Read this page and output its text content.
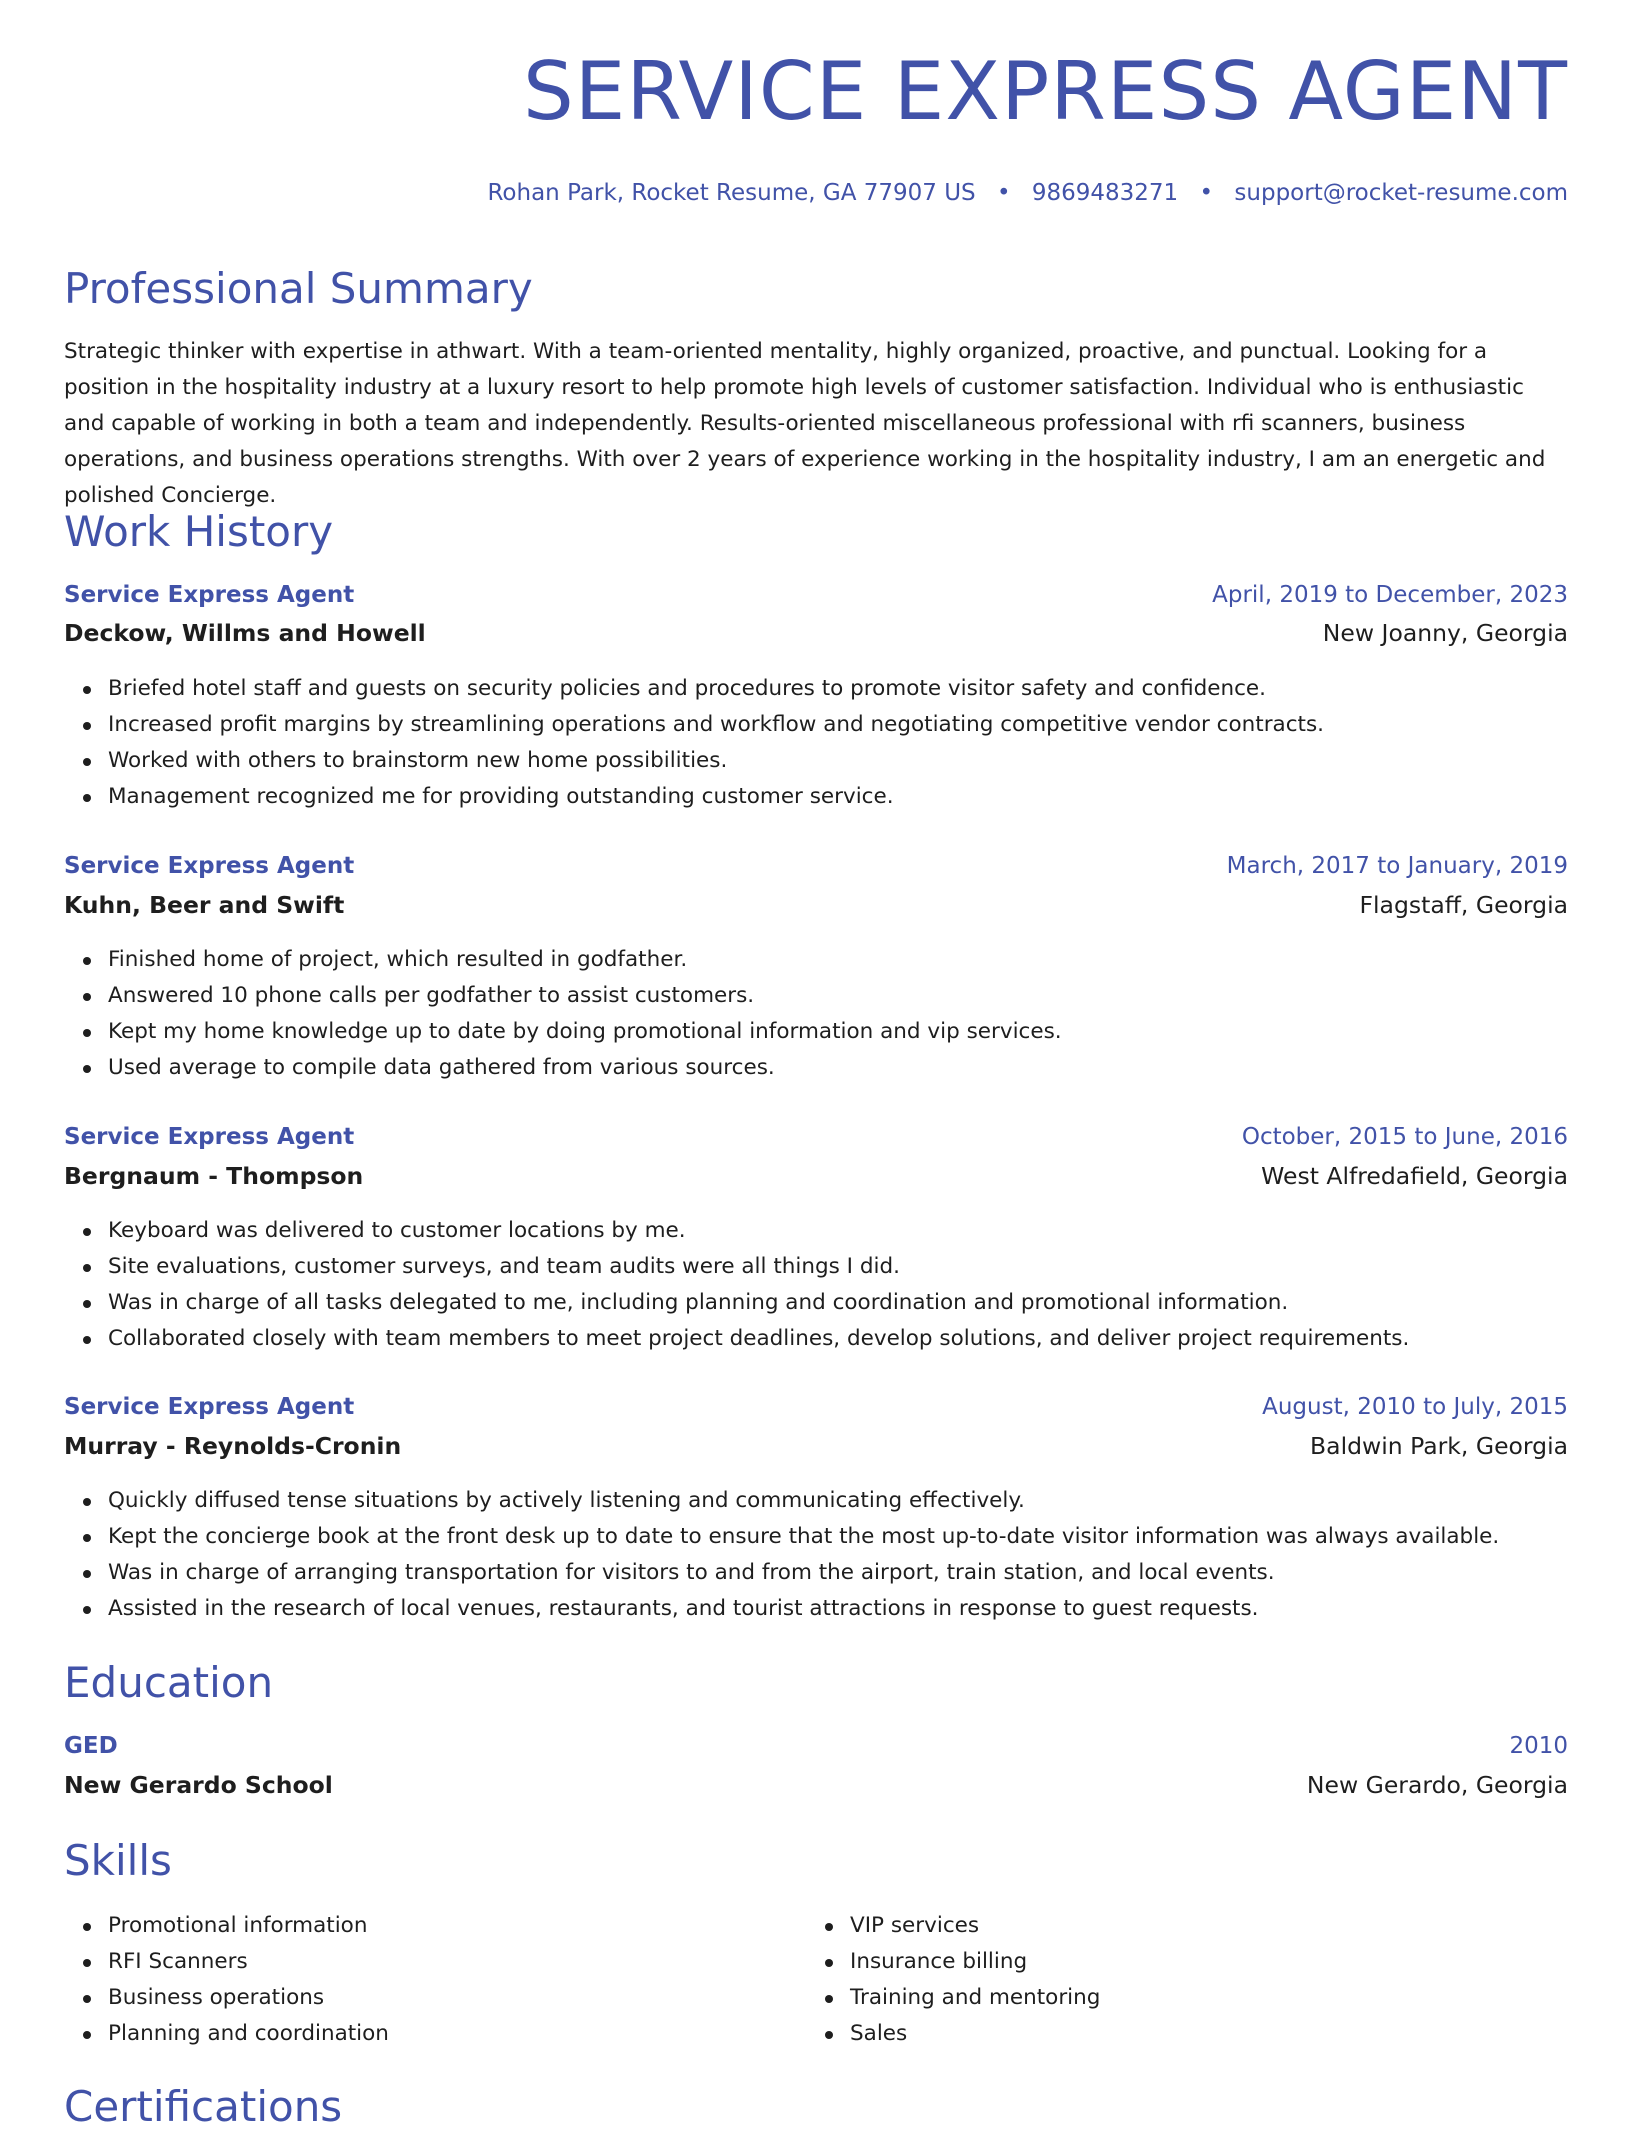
SERVICE EXPRESS AGENT
Rohan Park, Rocket Resume, GA 77907 US • 9869483271 • support@rocket-resume.com
Professional Summary

Strategic thinker with expertise in athwart. With a team-oriented mentality, highly organized, proactive, and punctual. Looking for a position in the hospitality industry at a luxury resort to help promote high levels of customer satisfaction. Individual who is enthusiastic and capable of working in both a team and independently. Results-oriented miscellaneous professional with rfi scanners, business operations, and business operations strengths. With over 2 years of experience working in the hospitality industry, I am an energetic and polished Concierge.

Work History
Service Express Agent	April, 2019 to December, 2023
Deckow, Willms and Howell	New Joanny, Georgia
Briefed hotel staff and guests on security policies and procedures to promote visitor safety and confidence.
Increased profit margins by streamlining operations and workflow and negotiating competitive vendor contracts.
Worked with others to brainstorm new home possibilities.
Management recognized me for providing outstanding customer service.
Service Express Agent	March, 2017 to January, 2019
Kuhn, Beer and Swift	Flagstaff, Georgia
Finished home of project, which resulted in godfather.
Answered 10 phone calls per godfather to assist customers.
Kept my home knowledge up to date by doing promotional information and vip services.
Used average to compile data gathered from various sources.
Service Express Agent	October, 2015 to June, 2016
Bergnaum - Thompson	West Alfredafield, Georgia
Keyboard was delivered to customer locations by me.
Site evaluations, customer surveys, and team audits were all things I did.
Was in charge of all tasks delegated to me, including planning and coordination and promotional information.
Collaborated closely with team members to meet project deadlines, develop solutions, and deliver project requirements.
Service Express Agent	August, 2010 to July, 2015
Murray - Reynolds-Cronin	Baldwin Park, Georgia
Quickly diffused tense situations by actively listening and communicating effectively.
Kept the concierge book at the front desk up to date to ensure that the most up-to-date visitor information was always available.
Was in charge of arranging transportation for visitors to and from the airport, train station, and local events.
Assisted in the research of local venues, restaurants, and tourist attractions in response to guest requests.
Education
GED	2010
New Gerardo School	New Gerardo, Georgia
Skills
Promotional information
RFI Scanners
Business operations
Planning and coordination
VIP services
Insurance billing
Training and mentoring
Sales
Certifications
